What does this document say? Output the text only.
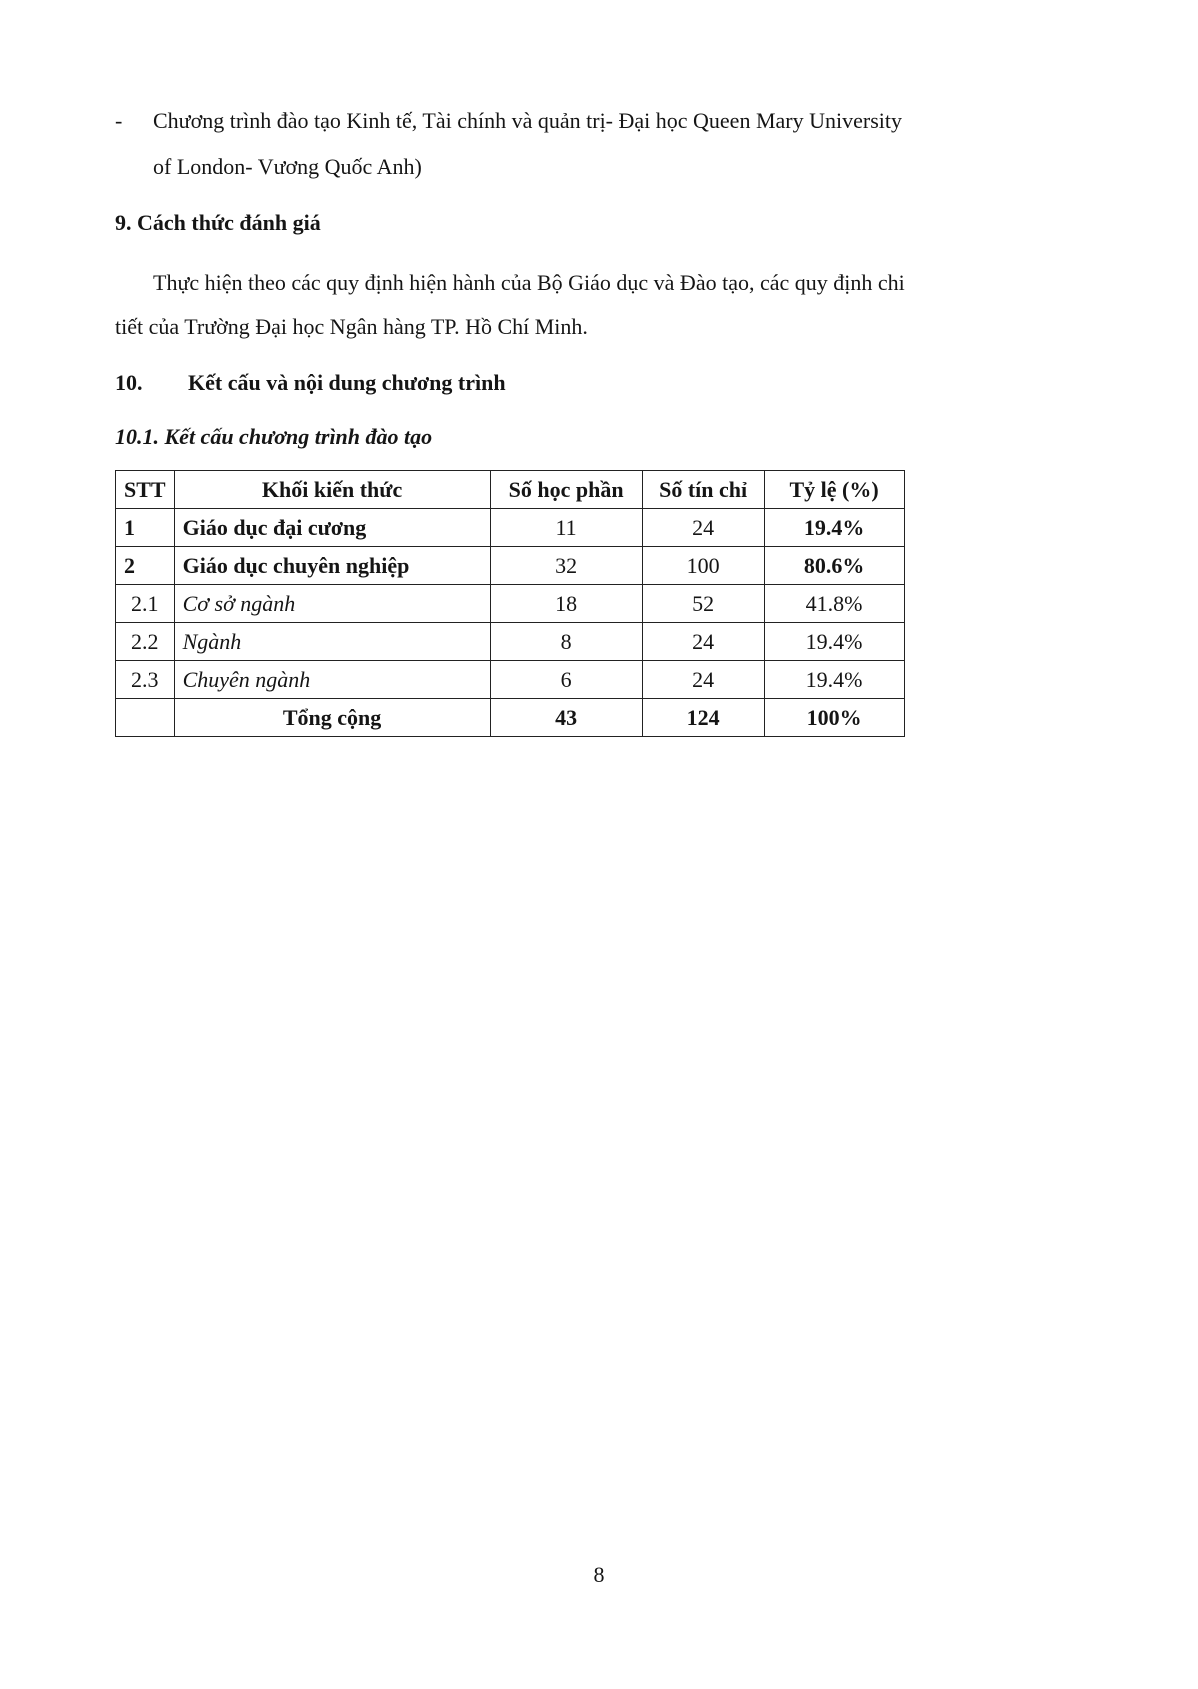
- Chương trình đào tạo Kinh tế, Tài chính và quản trị- Đại học Queen Mary University
of London- Vương Quốc Anh)
9. Cách thức đánh giá
Thực hiện theo các quy định hiện hành của Bộ Giáo dục và Đào tạo, các quy định chi
tiết của Trường Đại học Ngân hàng TP. Hồ Chí Minh.
10. Kết cấu và nội dung chương trình
10.1. Kết cấu chương trình đào tạo
STT	Khối kiến thức	Số học phần	Số tín chỉ	Tỷ lệ (%)
1	Giáo dục đại cương	11	24	19.4%
2	Giáo dục chuyên nghiệp	32	100	80.6%
2.1	Cơ sở ngành	18	52	41.8%
2.2	Ngành	8	24	19.4%
2.3	Chuyên ngành	6	24	19.4%
	Tổng cộng	43	124	100%
8
